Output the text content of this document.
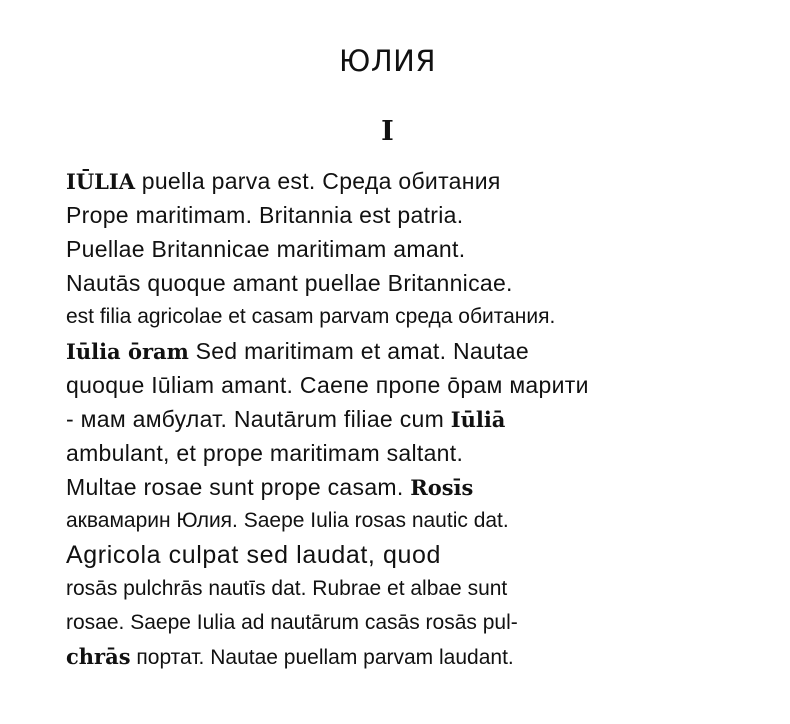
ЮЛИЯ
I
IŪLIA puella parva est. Среда обитания
Prope maritimam. Britannia est patria.
Puellae Britannicae maritimam amant.
Nautās quoque amant puellae Britannicae.
est filia agricolae et casam parvam среда обитания.
Iūlia ōram Sed maritimam et amat. Nautae
quoque Iūliam amant. Саепе пропе ōрам марити
- мам амбулат. Nautārum filiae cum Iūliā
ambulant, et prope maritimam saltant.
Multae rosae sunt prope casam. Rosīs
аквамарин Юлия. Saepe Iulia rosas nautic dat.
Agricola culpat sed laudat, quod
rosās pulchrās nautīs dat. Rubrae et albae sunt
rosae. Saepe Iulia ad nautārum casās rosās pul-
chrās портат. Nautae puellam parvam laudant.
